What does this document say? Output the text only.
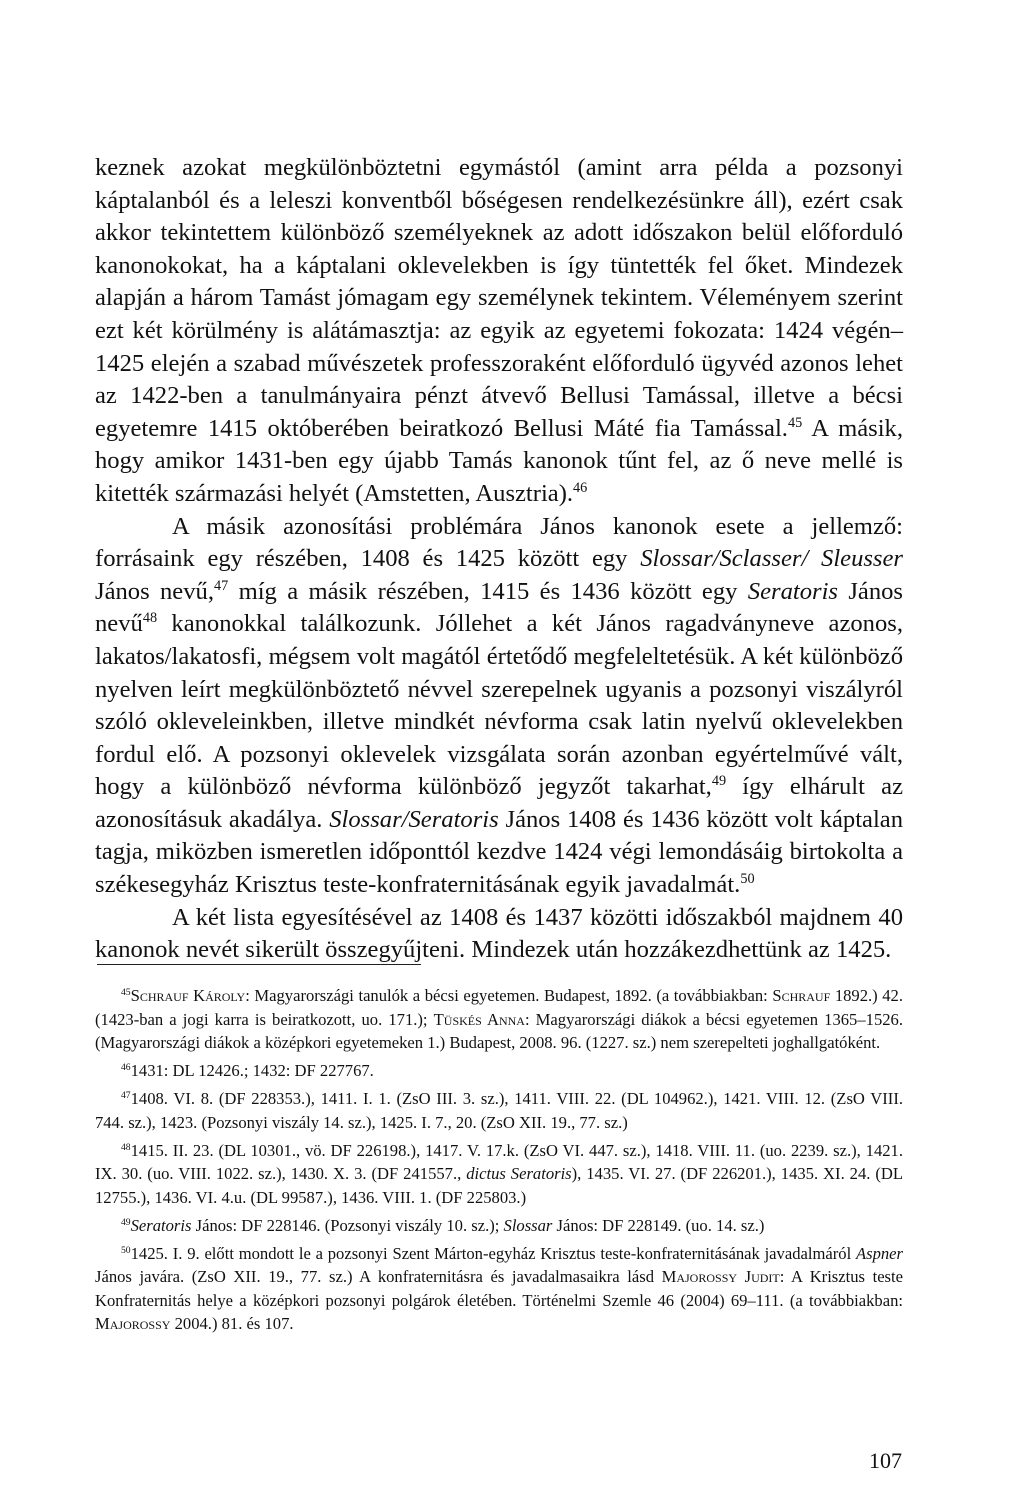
keznek azokat megkülönböztetni egymástól (amint arra példa a pozsonyi káptalanból és a leleszi konventből bőségesen rendelkezésünkre áll), ezért csak akkor tekintettem különböző személyeknek az adott időszakon belül előforduló kanonokokat, ha a káptalani oklevelekben is így tüntették fel őket. Mindezek alapján a három Tamást jómagam egy személynek tekintem. Véleményem szerint ezt két körülmény is alátámasztja: az egyik az egyetemi fokozata: 1424 végén–1425 elején a szabad művészetek professzoraként előforduló ügyvéd azonos lehet az 1422-ben a tanulmányaira pénzt átvevő Bellusi Tamással, illetve a bécsi egyetemre 1415 októberében beiratkozó Bellusi Máté fia Tamással.$^{45}$ A másik, hogy amikor 1431-ben egy újabb Tamás kanonok tűnt fel, az ő neve mellé is kitették származási helyét (Amstetten, Ausztria).$^{46}$

A másik azonosítási problémára János kanonok esete a jellemző: forrásaink egy részében, 1408 és 1425 között egy Slossar/Sclasser/ Sleusser János nevű,$^{47}$ míg a másik részében, 1415 és 1436 között egy Seratoris János nevű$^{48}$ kanonokkal találkozunk. Jóllehet a két János ragadványneve azonos, lakatos/lakatosfi, mégsem volt magától értetődő megfeleltetésük. A két különböző nyelven leírt megkülönböztető névvel szerepelnek ugyanis a pozsonyi viszályról szóló okleveleinkben, illetve mindkét névforma csak latin nyelvű oklevelekben fordul elő. A pozsonyi oklevelek vizsgálata során azonban egyértelművé vált, hogy a különböző névforma különböző jegyzőt takarhat,$^{49}$ így elhárult az azonosításuk akadálya. Slossar/Seratoris János 1408 és 1436 között volt káptalan tagja, miközben ismeretlen időponttól kezdve 1424 végi lemondásáig birtokolta a székesegyház Krisztus teste-konfraternitásának egyik javadalmát.$^{50}$

A két lista egyesítésével az 1408 és 1437 közötti időszakból majdnem 40 kanonok nevét sikerült összegyűjteni. Mindezek után hozzákezdhettünk az 1425.

$^{45}$Schrauf Károly: Magyarországi tanulók a bécsi egyetemen. Budapest, 1892. (a továbbiakban: Schrauf 1892.) 42. (1423-ban a jogi karra is beiratkozott, uo. 171.); Tüskés Anna: Magyarországi diákok a bécsi egyetemen 1365–1526. (Magyarországi diákok a középkori egyetemeken 1.) Budapest, 2008. 96. (1227. sz.) nem szerepelteti joghallgatóként.

$^{46}$1431: DL 12426.; 1432: DF 227767.

$^{47}$1408. VI. 8. (DF 228353.), 1411. I. 1. (ZsO III. 3. sz.), 1411. VIII. 22. (DL 104962.), 1421. VIII. 12. (ZsO VIII. 744. sz.), 1423. (Pozsonyi viszály 14. sz.), 1425. I. 7., 20. (ZsO XII. 19., 77. sz.)

$^{48}$1415. II. 23. (DL 10301., vö. DF 226198.), 1417. V. 17.k. (ZsO VI. 447. sz.), 1418. VIII. 11. (uo. 2239. sz.), 1421. IX. 30. (uo. VIII. 1022. sz.), 1430. X. 3. (DF 241557., dictus Seratoris), 1435. VI. 27. (DF 226201.), 1435. XI. 24. (DL 12755.), 1436. VI. 4.u. (DL 99587.), 1436. VIII. 1. (DF 225803.)

$^{49}$Seratoris János: DF 228146. (Pozsonyi viszály 10. sz.); Slossar János: DF 228149. (uo. 14. sz.)

$^{50}$1425. I. 9. előtt mondott le a pozsonyi Szent Márton-egyház Krisztus teste-konfraternitásának javadalmáról Aspner János javára. (ZsO XII. 19., 77. sz.) A konfraternitásra és javadalmasaikra lásd Majorossy Judit: A Krisztus teste Konfraternitás helye a középkori pozsonyi polgárok életében. Történelmi Szemle 46 (2004) 69–111. (a továbbiakban: Majorossy 2004.) 81. és 107.

107
